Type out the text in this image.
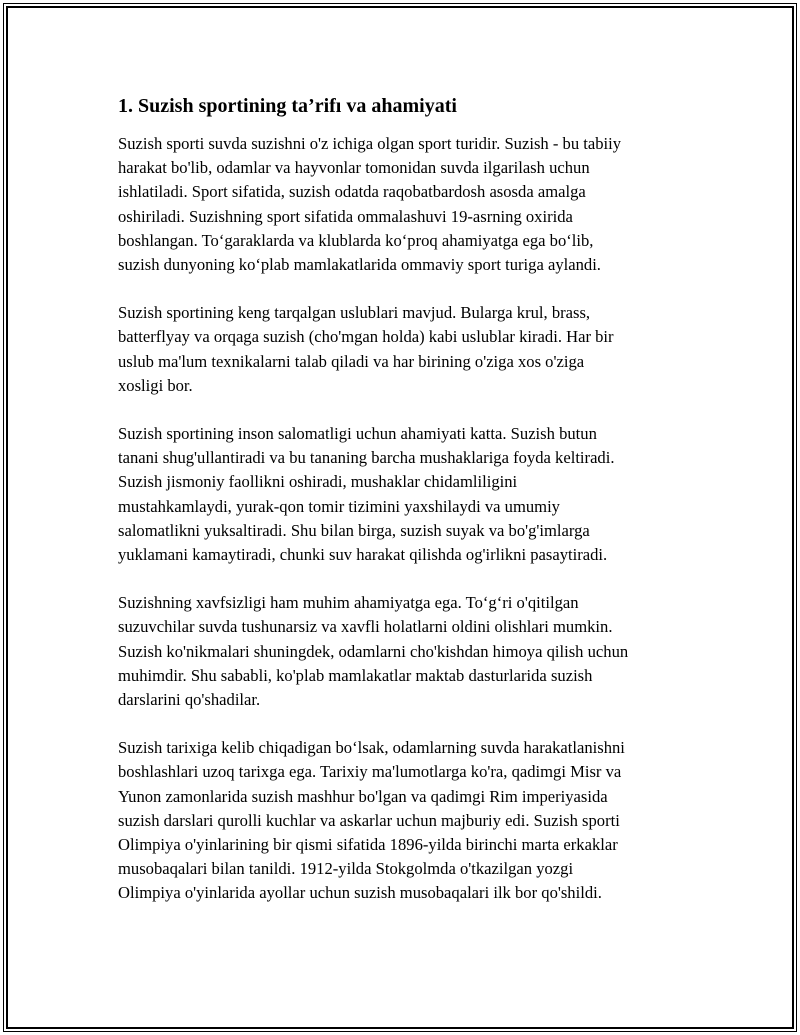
1. Suzish sportining ta’rifı va ahamiyati

Suzish sporti suvda suzishni o'z ichiga olgan sport turidir. Suzish - bu tabiiy
harakat bo'lib, odamlar va hayvonlar tomonidan suvda ilgarilash uchun
ishlatiladi. Sport sifatida, suzish odatda raqobatbardosh asosda amalga
oshiriladi. Suzishning sport sifatida ommalashuvi 19-asrning oxirida
boshlangan. To‘garaklarda va klublarda ko‘proq ahamiyatga ega bo‘lib,
suzish dunyoning ko‘plab mamlakatlarida ommaviy sport turiga aylandi.

Suzish sportining keng tarqalgan uslublari mavjud. Bularga krul, brass,
batterflyay va orqaga suzish (cho'mgan holda) kabi uslublar kiradi. Har bir
uslub ma'lum texnikalarni talab qiladi va har birining o'ziga xos o'ziga
xosligi bor.

Suzish sportining inson salomatligi uchun ahamiyati katta. Suzish butun
tanani shug'ullantiradi va bu tananing barcha mushaklariga foyda keltiradi.
Suzish jismoniy faollikni oshiradi, mushaklar chidamliligini
mustahkamlaydi, yurak-qon tomir tizimini yaxshilaydi va umumiy
salomatlikni yuksaltiradi. Shu bilan birga, suzish suyak va bo'g'imlarga
yuklamani kamaytiradi, chunki suv harakat qilishda og'irlikni pasaytiradi.

Suzishning xavfsizligi ham muhim ahamiyatga ega. To‘g‘ri o'qitilgan
suzuvchilar suvda tushunarsiz va xavfli holatlarni oldini olishlari mumkin.
Suzish ko'nikmalari shuningdek, odamlarni cho'kishdan himoya qilish uchun
muhimdir. Shu sababli, ko'plab mamlakatlar maktab dasturlarida suzish
darslarini qo'shadilar.

Suzish tarixiga kelib chiqadigan bo‘lsak, odamlarning suvda harakatlanishni
boshlashlari uzoq tarixga ega. Tarixiy ma'lumotlarga ko'ra, qadimgi Misr va
Yunon zamonlarida suzish mashhur bo'lgan va qadimgi Rim imperiyasida
suzish darslari qurolli kuchlar va askarlar uchun majburiy edi. Suzish sporti
Olimpiya o'yinlarining bir qismi sifatida 1896-yilda birinchi marta erkaklar
musobaqalari bilan tanildi. 1912-yilda Stokgolmda o'tkazilgan yozgi
Olimpiya o'yinlarida ayollar uchun suzish musobaqalari ilk bor qo'shildi.
